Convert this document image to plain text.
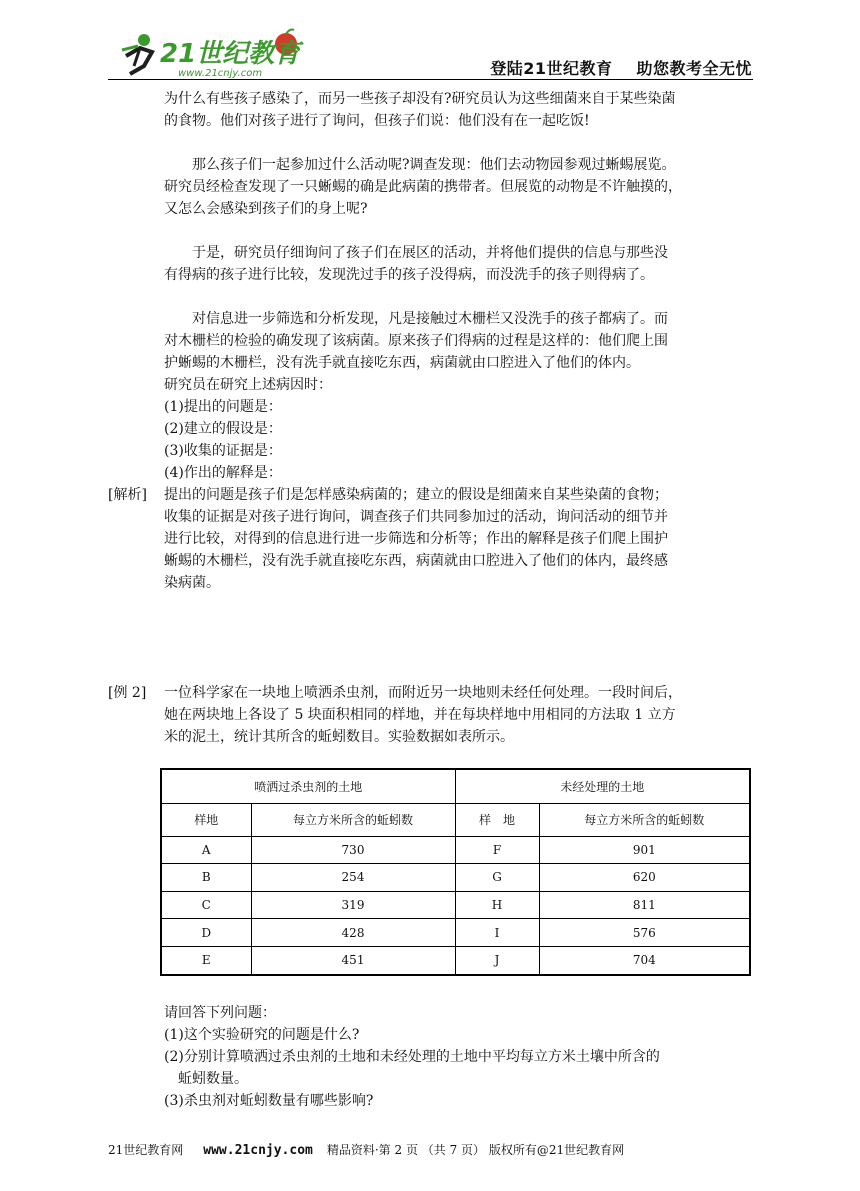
21世纪教育
www.21cnjy.com	登陆21世纪教育 助您教考全无忧
为什么有些孩子感染了，而另一些孩子却没有?研究员认为这些细菌来自于某些染菌
的食物。他们对孩子进行了询问，但孩子们说：他们没有在一起吃饭!
那么孩子们一起参加过什么活动呢?调查发现：他们去动物园参观过蜥蜴展览。
研究员经检查发现了一只蜥蜴的确是此病菌的携带者。但展览的动物是不许触摸的，
又怎么会感染到孩子们的身上呢?
于是，研究员仔细询问了孩子们在展区的活动，并将他们提供的信息与那些没
有得病的孩子进行比较，发现洗过手的孩子没得病，而没洗手的孩子则得病了。
对信息进一步筛选和分析发现，凡是接触过木栅栏又没洗手的孩子都病了。而
对木栅栏的检验的确发现了该病菌。原来孩子们得病的过程是这样的：他们爬上围
护蜥蜴的木栅栏，没有洗手就直接吃东西，病菌就由口腔进入了他们的体内。
研究员在研究上述病因时：
(1)提出的问题是：
(2)建立的假设是：
(3)收集的证据是：
(4)作出的解释是：
[解析] 提出的问题是孩子们是怎样感染病菌的；建立的假设是细菌来自某些染菌的食物；
收集的证据是对孩子进行询问，调查孩子们共同参加过的活动，询问活动的细节并
进行比较，对得到的信息进行进一步筛选和分析等；作出的解释是孩子们爬上围护
蜥蜴的木栅栏，没有洗手就直接吃东西，病菌就由口腔进入了他们的体内，最终感
染病菌。
[例 2] 一位科学家在一块地上喷洒杀虫剂，而附近另一块地则未经任何处理。一段时间后，
她在两块地上各设了 5 块面积相同的样地，并在每块样地中用相同的方法取 1 立方
米的泥土，统计其所含的蚯蚓数目。实验数据如表所示。
喷洒过杀虫剂的土地		未经处理的土地	
样地	每立方米所含的蚯蚓数	样　地	每立方米所含的蚯蚓数
A	730	F	901
B	254	G	620
C	319	H	811
D	428	I	576
E	451	J	704
请回答下列问题：
(1)这个实验研究的问题是什么?
(2)分别计算喷洒过杀虫剂的土地和未经处理的土地中平均每立方米土壤中所含的
蚯蚓数量。
(3)杀虫剂对蚯蚓数量有哪些影响?
21世纪教育网 www.21cnjy.com 精品资料·第 2 页 （共 7 页） 版权所有@21世纪教育网
